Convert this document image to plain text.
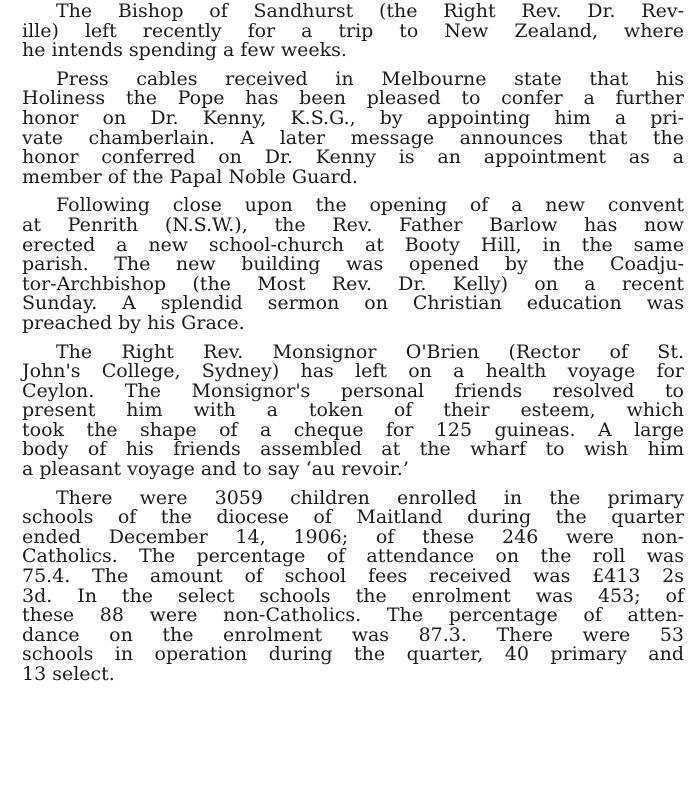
The Bishop of Sandhurst (the Right Rev. Dr. Rev-
ille) left recently for a trip to New Zealand, where
he intends spending a few weeks.
Press cables received in Melbourne state that his
Holiness the Pope has been pleased to confer a further
honor on Dr. Kenny, K.S.G., by appointing him a pri-
vate chamberlain. A later message announces that the
honor conferred on Dr. Kenny is an appointment as a
member of the Papal Noble Guard.
Following close upon the opening of a new convent
at Penrith (N.S.W.), the Rev. Father Barlow has now
erected a new school-church at Booty Hill, in the same
parish. The new building was opened by the Coadju-
tor-Archbishop (the Most Rev. Dr. Kelly) on a recent
Sunday. A splendid sermon on Christian education was
preached by his Grace.
The Right Rev. Monsignor O'Brien (Rector of St.
John's College, Sydney) has left on a health voyage for
Ceylon. The Monsignor's personal friends resolved to
present him with a token of their esteem, which
took the shape of a cheque for 125 guineas. A large
body of his friends assembled at the wharf to wish him
a pleasant voyage and to say ‘au revoir.’
There were 3059 children enrolled in the primary
schools of the diocese of Maitland during the quarter
ended December 14, 1906; of these 246 were non-
Catholics. The percentage of attendance on the roll was
75.4. The amount of school fees received was £413 2s
3d. In the select schools the enrolment was 453; of
these 88 were non-Catholics. The percentage of atten-
dance on the enrolment was 87.3. There were 53
schools in operation during the quarter, 40 primary and
13 select.
